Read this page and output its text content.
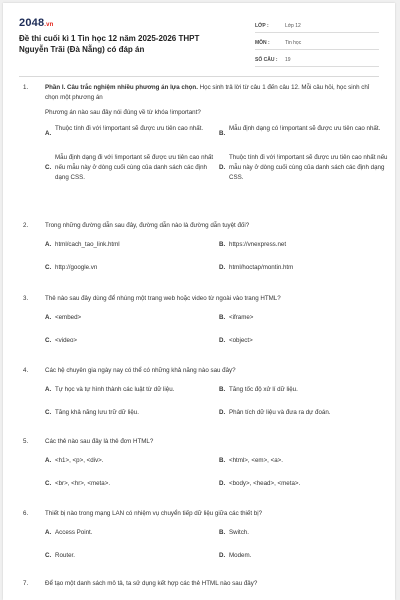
2048.vn
Đề thi cuối kì 1 Tin học 12 năm 2025-2026 THPT Nguyễn Trãi (Đà Nẵng) có đáp án
LỚP :	Lớp 12
MÔN :	Tin học
SỐ CÂU :	19
1.	Phần I. Câu trắc nghiệm nhiều phương án lựa chọn. Học sinh trả lời từ câu 1 đến câu 12. Mỗi câu hỏi, học sinh chỉ chọn một phương án
Phương án nào sau đây nói đúng về từ khóa !important?
A.
Thuộc tính đi với !important sẽ được ưu tiên cao nhất.
B.
Mẫu định dạng có !important sẽ được ưu tiên cao nhất.
C.
Mẫu định dạng đi với !important sẽ được ưu tiên cao nhất nếu mẫu này ở dòng cuối cùng của danh sách các định dạng CSS.
D.
Thuộc tính đi với !important sẽ được ưu tiên cao nhất nếu mẫu này ở dòng cuối cùng của danh sách các định dạng CSS.
2.	Trong những đường dẫn sau đây, đường dẫn nào là đường dẫn tuyệt đối?
A. html/cach_tao_link.html	B. https://vnexpress.net
C. http://google.vn	D. html/hoctap/montin.htm
3.	Thẻ nào sau đây dùng để nhúng một trang web hoặc video từ ngoài vào trang HTML?
A. <embed>	B. <iframe>
C. <video>	D. <object>
4.	Các hệ chuyên gia ngày nay có thể có những khả năng nào sau đây?
A. Tự học và tự hình thành các luật từ dữ liệu.	B. Tăng tốc độ xử lí dữ liệu.
C. Tăng khả năng lưu trữ dữ liệu.	D. Phân tích dữ liệu và đưa ra dự đoán.
5.	Các thẻ nào sau đây là thẻ đơn HTML?
A. <h1>, <p>, <div>.	B. <html>, <em>, <a>.
C. <br>, <hr>, <meta>.	D. <body>, <head>, <meta>.
6.	Thiết bị nào trong mạng LAN có nhiệm vụ chuyển tiếp dữ liệu giữa các thiết bị?
A. Access Point.	B. Switch.
C. Router.	D. Modem.
7.	Để tạo một danh sách mô tả, ta sử dụng kết hợp các thẻ HTML nào sau đây?
